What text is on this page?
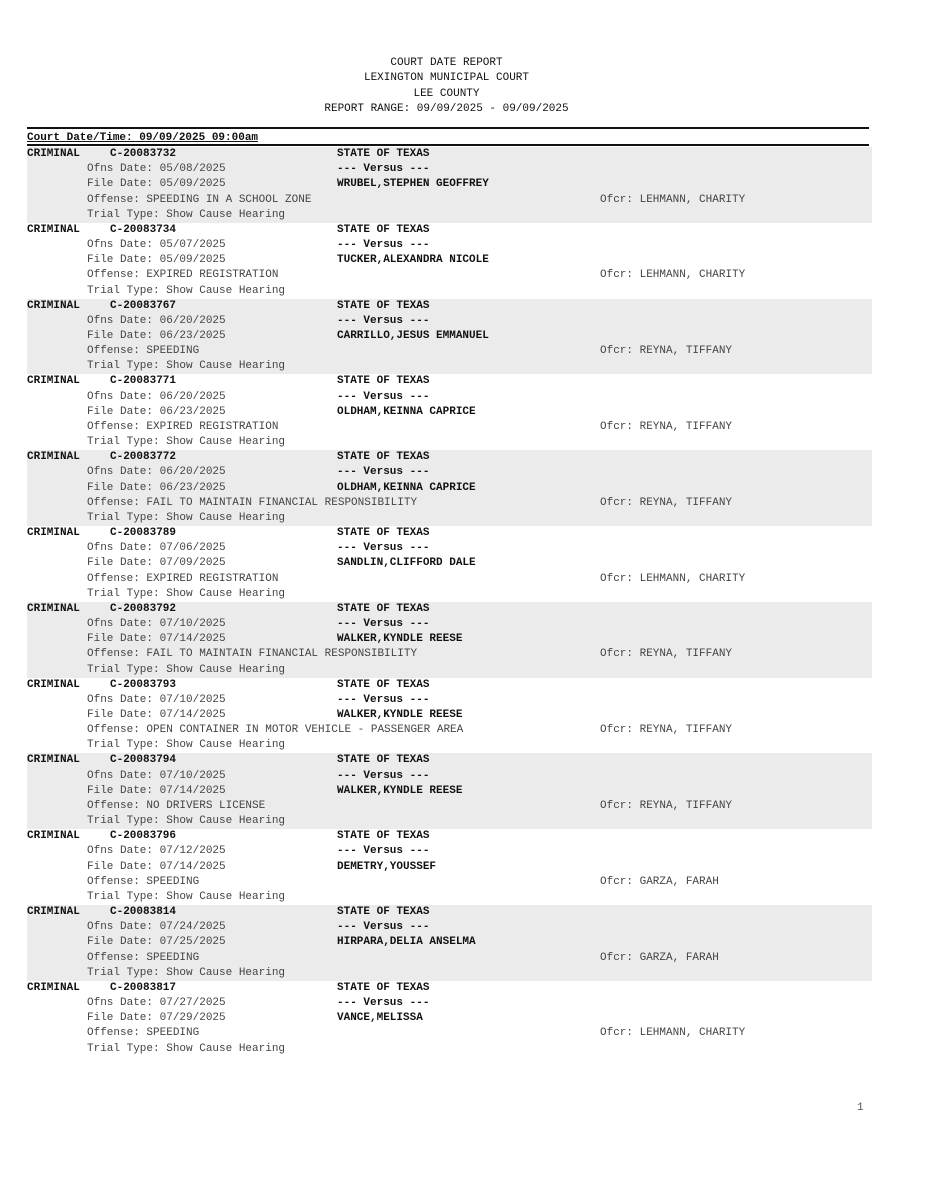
COURT DATE REPORT
LEXINGTON MUNICIPAL COURT
LEE COUNTY
REPORT RANGE: 09/09/2025 - 09/09/2025
Court Date/Time: 09/09/2025 09:00am
CRIMINAL	C-20083732	STATE OF TEXAS
Ofns Date: 05/08/2025	--- Versus ---
File Date: 05/09/2025	WRUBEL,STEPHEN GEOFFREY
Offense: SPEEDING IN A SCHOOL ZONE	Ofcr: LEHMANN, CHARITY
Trial Type: Show Cause Hearing
CRIMINAL	C-20083734	STATE OF TEXAS
Ofns Date: 05/07/2025	--- Versus ---
File Date: 05/09/2025	TUCKER,ALEXANDRA NICOLE
Offense: EXPIRED REGISTRATION	Ofcr: LEHMANN, CHARITY
Trial Type: Show Cause Hearing
CRIMINAL	C-20083767	STATE OF TEXAS
Ofns Date: 06/20/2025	--- Versus ---
File Date: 06/23/2025	CARRILLO,JESUS EMMANUEL
Offense: SPEEDING	Ofcr: REYNA, TIFFANY
Trial Type: Show Cause Hearing
CRIMINAL	C-20083771	STATE OF TEXAS
Ofns Date: 06/20/2025	--- Versus ---
File Date: 06/23/2025	OLDHAM,KEINNA CAPRICE
Offense: EXPIRED REGISTRATION	Ofcr: REYNA, TIFFANY
Trial Type: Show Cause Hearing
CRIMINAL	C-20083772	STATE OF TEXAS
Ofns Date: 06/20/2025	--- Versus ---
File Date: 06/23/2025	OLDHAM,KEINNA CAPRICE
Offense: FAIL TO MAINTAIN FINANCIAL RESPONSIBILITY	Ofcr: REYNA, TIFFANY
Trial Type: Show Cause Hearing
CRIMINAL	C-20083789	STATE OF TEXAS
Ofns Date: 07/06/2025	--- Versus ---
File Date: 07/09/2025	SANDLIN,CLIFFORD DALE
Offense: EXPIRED REGISTRATION	Ofcr: LEHMANN, CHARITY
Trial Type: Show Cause Hearing
CRIMINAL	C-20083792	STATE OF TEXAS
Ofns Date: 07/10/2025	--- Versus ---
File Date: 07/14/2025	WALKER,KYNDLE REESE
Offense: FAIL TO MAINTAIN FINANCIAL RESPONSIBILITY	Ofcr: REYNA, TIFFANY
Trial Type: Show Cause Hearing
CRIMINAL	C-20083793	STATE OF TEXAS
Ofns Date: 07/10/2025	--- Versus ---
File Date: 07/14/2025	WALKER,KYNDLE REESE
Offense: OPEN CONTAINER IN MOTOR VEHICLE - PASSENGER AREA	Ofcr: REYNA, TIFFANY
Trial Type: Show Cause Hearing
CRIMINAL	C-20083794	STATE OF TEXAS
Ofns Date: 07/10/2025	--- Versus ---
File Date: 07/14/2025	WALKER,KYNDLE REESE
Offense: NO DRIVERS LICENSE	Ofcr: REYNA, TIFFANY
Trial Type: Show Cause Hearing
CRIMINAL	C-20083796	STATE OF TEXAS
Ofns Date: 07/12/2025	--- Versus ---
File Date: 07/14/2025	DEMETRY,YOUSSEF
Offense: SPEEDING	Ofcr: GARZA, FARAH
Trial Type: Show Cause Hearing
CRIMINAL	C-20083814	STATE OF TEXAS
Ofns Date: 07/24/2025	--- Versus ---
File Date: 07/25/2025	HIRPARA,DELIA ANSELMA
Offense: SPEEDING	Ofcr: GARZA, FARAH
Trial Type: Show Cause Hearing
CRIMINAL	C-20083817	STATE OF TEXAS
Ofns Date: 07/27/2025	--- Versus ---
File Date: 07/29/2025	VANCE,MELISSA
Offense: SPEEDING	Ofcr: LEHMANN, CHARITY
Trial Type: Show Cause Hearing
1
